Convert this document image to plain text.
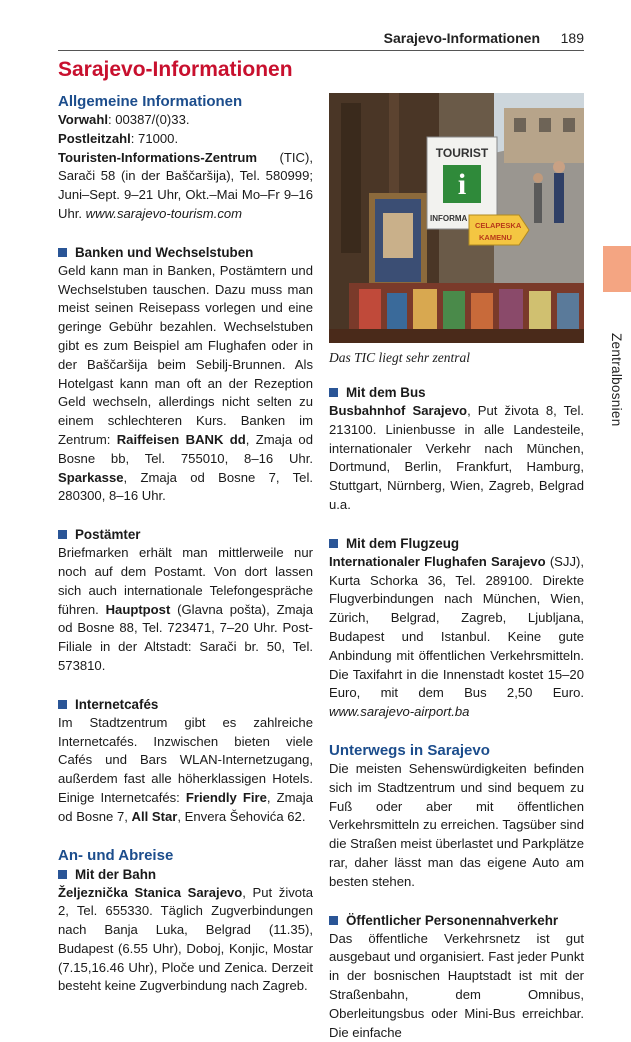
Sarajevo-Informationen 189
Sarajevo-Informationen
Zentralbosnien
Allgemeine Informationen

Vorwahl: 00387/(0)33.

Postleitzahl: 71000.

Touristen-Informations-Zentrum (TIC), Sarači 58 (in der Baščaršija), Tel. 580999; Juni–Sept. 9–21 Uhr, Okt.–Mai Mo–Fr 9–16 Uhr. www.sarajevo-tourism.com

Banken und Wechselstuben

Geld kann man in Banken, Postämtern und Wechselstuben tauschen. Dazu muss man meist seinen Reisepass vorlegen und eine geringe Gebühr bezahlen. Wechselstuben gibt es zum Beispiel am Flughafen oder in der Baščaršija beim Sebilj-Brunnen. Als Hotelgast kann man oft an der Rezeption Geld wechseln, allerdings nicht selten zu einem schlechteren Kurs. Banken im Zentrum: Raiffeisen BANK dd, Zmaja od Bosne bb, Tel. 755010, 8–16 Uhr. Sparkasse, Zmaja od Bosne 7, Tel. 280300, 8–16 Uhr.

Postämter

Briefmarken erhält man mittlerweile nur noch auf dem Postamt. Von dort lassen sich auch internationale Telefongespräche führen. Hauptpost (Glavna pošta), Zmaja od Bosne 88, Tel. 723471, 7–20 Uhr. Post-Filiale in der Altstadt: Sarači br. 50, Tel. 573810.

Internetcafés

Im Stadtzentrum gibt es zahlreiche Internetcafés. Inzwischen bieten viele Cafés und Bars WLAN-Internetzugang, außerdem fast alle höherklassigen Hotels. Einige Internetcafés: Friendly Fire, Zmaja od Bosne 7, All Star, Envera Šehovića 62.

An- und Abreise
Mit der Bahn

Željeznička Stanica Sarajevo, Put života 2, Tel. 655330. Täglich Zugverbindungen nach Banja Luka, Belgrad (11.35), Budapest (6.55 Uhr), Doboj, Konjic, Mostar (7.15,16.46 Uhr), Ploče und Zenica. Derzeit besteht keine Zugverbindung nach Zagreb.

TOURIST
i
INFORMA
CELAPESKA
KAMENU
Das TIC liegt sehr zentral
Mit dem Bus

Busbahnhof Sarajevo, Put života 8, Tel. 213100. Linienbusse in alle Landesteile, internationaler Verkehr nach München, Dortmund, Berlin, Frankfurt, Hamburg, Stuttgart, Nürnberg, Wien, Zagreb, Belgrad u.a.

Mit dem Flugzeug

Internationaler Flughafen Sarajevo (SJJ), Kurta Schorka 36, Tel. 289100. Direkte Flugverbindungen nach München, Wien, Zürich, Belgrad, Zagreb, Ljubljana, Budapest und Istanbul. Keine gute Anbindung mit öffentlichen Verkehrsmitteln. Die Taxifahrt in die Innenstadt kostet 15–20 Euro, mit dem Bus 2,50 Euro. www.sarajevo-airport.ba

Unterwegs in Sarajevo

Die meisten Sehenswürdigkeiten befinden sich im Stadtzentrum und sind bequem zu Fuß oder aber mit öffentlichen Verkehrsmitteln zu erreichen. Tagsüber sind die Straßen meist überlastet und Parkplätze rar, daher lässt man das eigene Auto am besten stehen.

Öffentlicher Personennahverkehr

Das öffentliche Verkehrsnetz ist gut ausgebaut und organisiert. Fast jeder Punkt in der bosnischen Hauptstadt ist mit der Straßenbahn, dem Omnibus, Oberleitungsbus oder Mini-Bus erreichbar. Die einfache
